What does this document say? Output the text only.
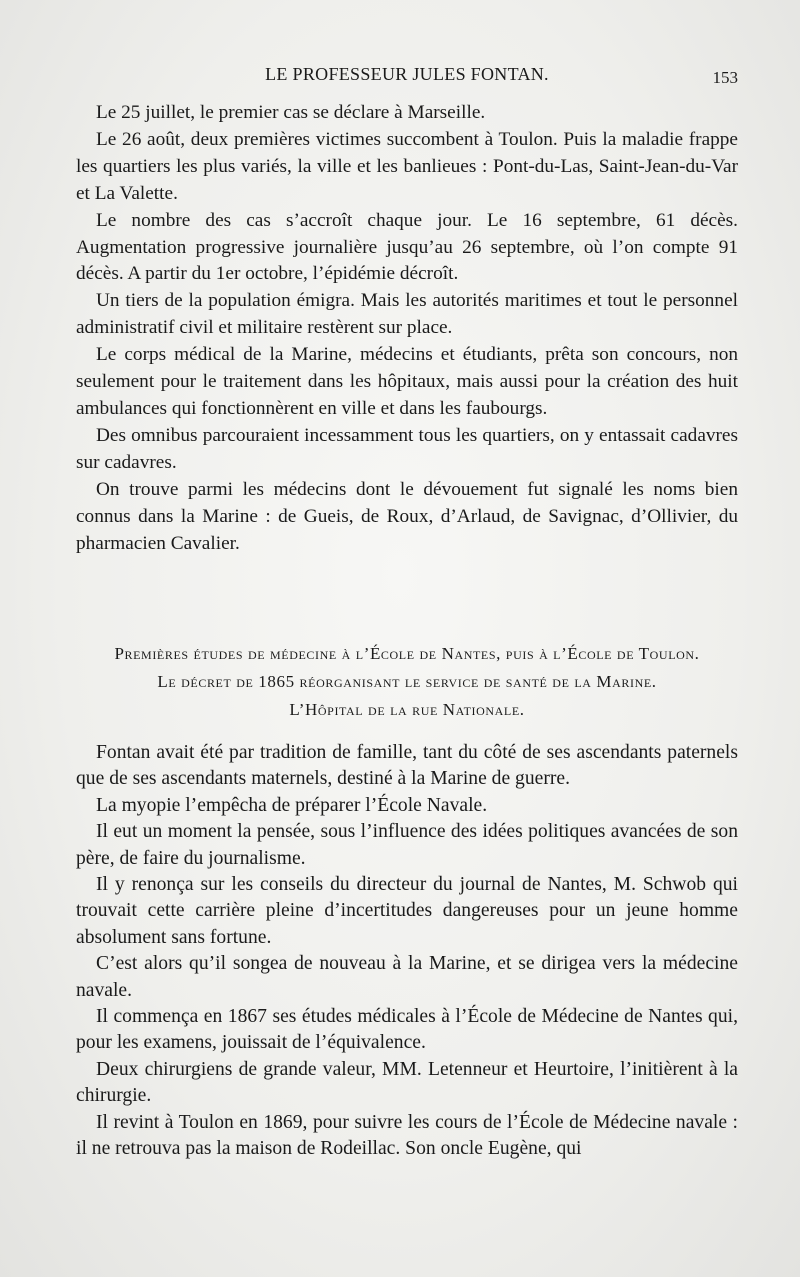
LE PROFESSEUR JULES FONTAN.	153

Le 25 juillet, le premier cas se déclare à Marseille.

Le 26 août, deux premières victimes succombent à Toulon. Puis la maladie frappe les quartiers les plus variés, la ville et les banlieues : Pont-du-Las, Saint-Jean-du-Var et La Valette.

Le nombre des cas s’accroît chaque jour. Le 16 septembre, 61 décès. Augmentation progressive journalière jusqu’au 26 septembre, où l’on compte 91 décès. A partir du 1er octobre, l’épidémie décroît.

Un tiers de la population émigra. Mais les autorités maritimes et tout le personnel administratif civil et militaire restèrent sur place.

Le corps médical de la Marine, médecins et étudiants, prêta son concours, non seulement pour le traitement dans les hôpitaux, mais aussi pour la création des huit ambulances qui fonctionnèrent en ville et dans les faubourgs.

Des omnibus parcouraient incessamment tous les quartiers, on y entassait cadavres sur cadavres.

On trouve parmi les médecins dont le dévouement fut signalé les noms bien connus dans la Marine : de Gueis, de Roux, d’Arlaud, de Savignac, d’Ollivier, du pharmacien Cavalier.

Premières études de médecine à l’École de Nantes, puis à l’École de Toulon.
Le décret de 1865 réorganisant le service de santé de la Marine.
L’Hôpital de la rue Nationale.

Fontan avait été par tradition de famille, tant du côté de ses ascendants paternels que de ses ascendants maternels, destiné à la Marine de guerre.

La myopie l’empêcha de préparer l’École Navale.

Il eut un moment la pensée, sous l’influence des idées politiques avancées de son père, de faire du journalisme.

Il y renonça sur les conseils du directeur du journal de Nantes, M. Schwob qui trouvait cette carrière pleine d’incertitudes dangereuses pour un jeune homme absolument sans fortune.

C’est alors qu’il songea de nouveau à la Marine, et se dirigea vers la médecine navale.

Il commença en 1867 ses études médicales à l’École de Médecine de Nantes qui, pour les examens, jouissait de l’équivalence.

Deux chirurgiens de grande valeur, MM. Letenneur et Heurtoire, l’initièrent à la chirurgie.

Il revint à Toulon en 1869, pour suivre les cours de l’École de Médecine navale : il ne retrouva pas la maison de Rodeillac. Son oncle Eugène, qui
